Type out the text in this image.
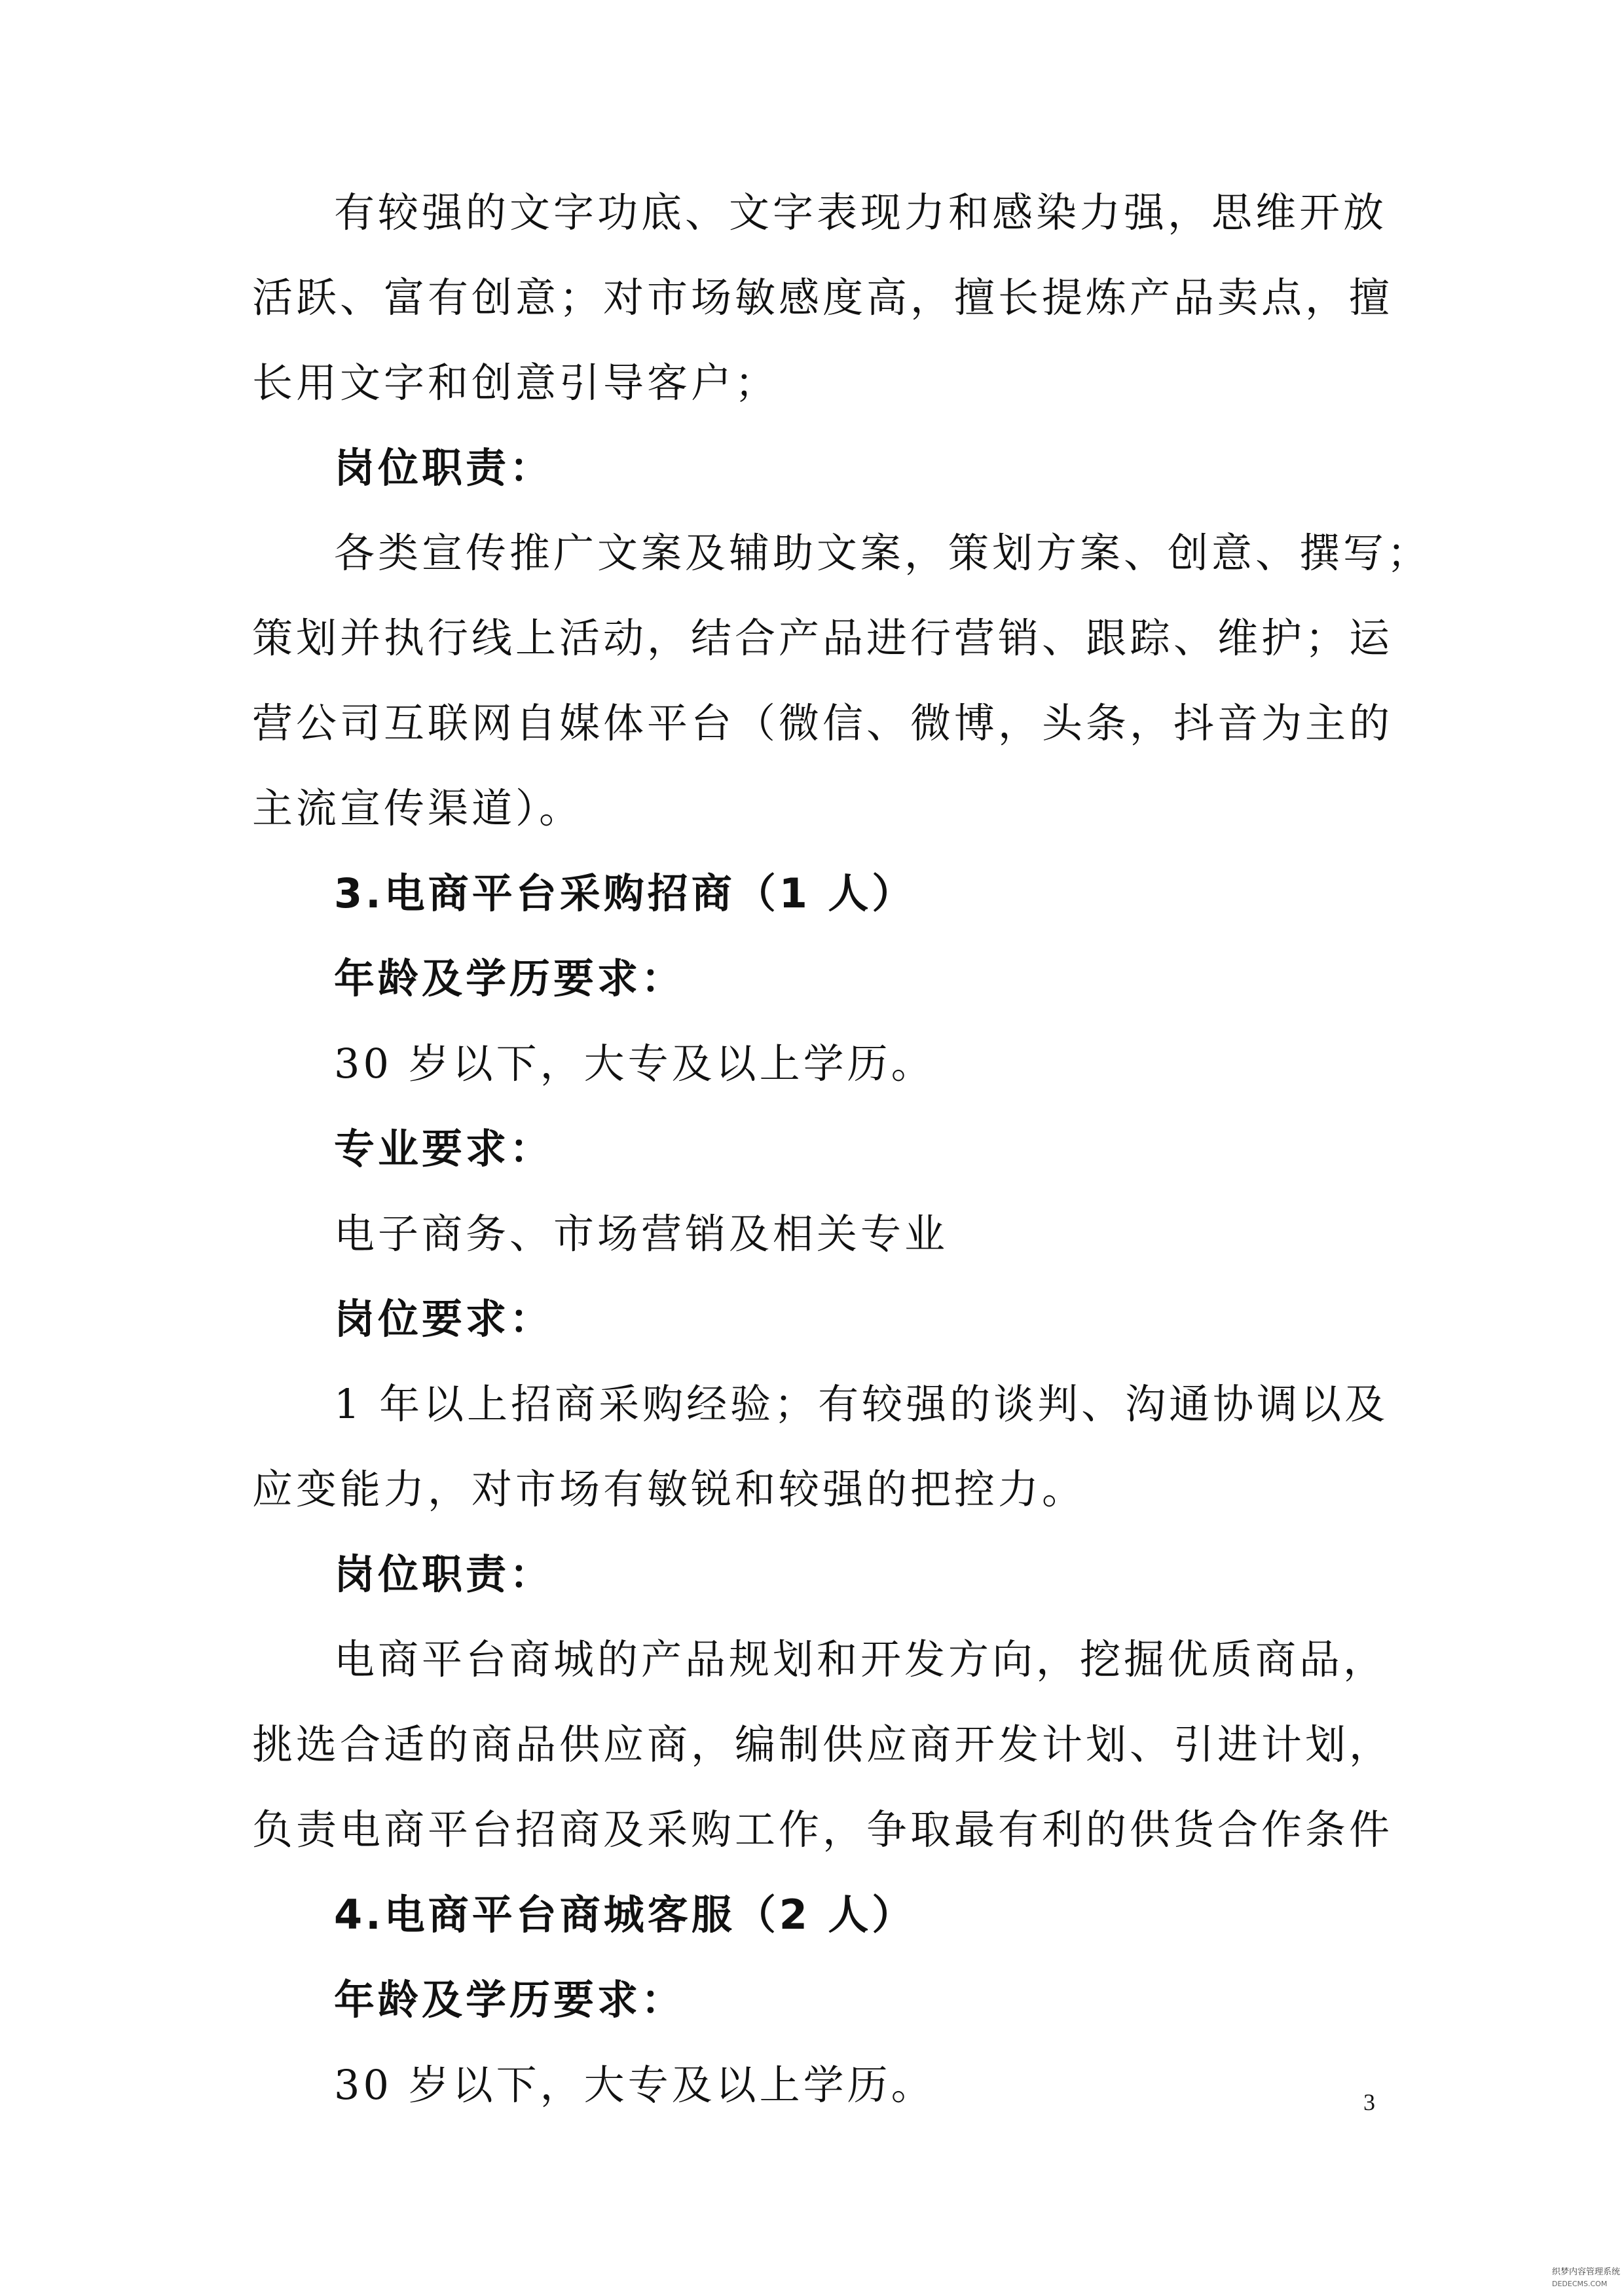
有较强的文字功底、文字表现力和感染力强，思维开放
活跃、富有创意；对市场敏感度高，擅长提炼产品卖点，擅
长用文字和创意引导客户；
岗位职责：
各类宣传推广文案及辅助文案，策划方案、创意、撰写；
策划并执行线上活动，结合产品进行营销、跟踪、维护；运
营公司互联网自媒体平台（微信、微博，头条，抖音为主的
主流宣传渠道）。
3.电商平台采购招商（1 人）
年龄及学历要求：
30 岁以下，大专及以上学历。
专业要求：
电子商务、市场营销及相关专业
岗位要求：
1 年以上招商采购经验；有较强的谈判、沟通协调以及
应变能力，对市场有敏锐和较强的把控力。
岗位职责：
电商平台商城的产品规划和开发方向，挖掘优质商品，
挑选合适的商品供应商，编制供应商开发计划、引进计划，
负责电商平台招商及采购工作，争取最有利的供货合作条件
4.电商平台商城客服（2 人）
年龄及学历要求：
30 岁以下，大专及以上学历。	3
织梦内容管理系统
DEDECMS.COM
